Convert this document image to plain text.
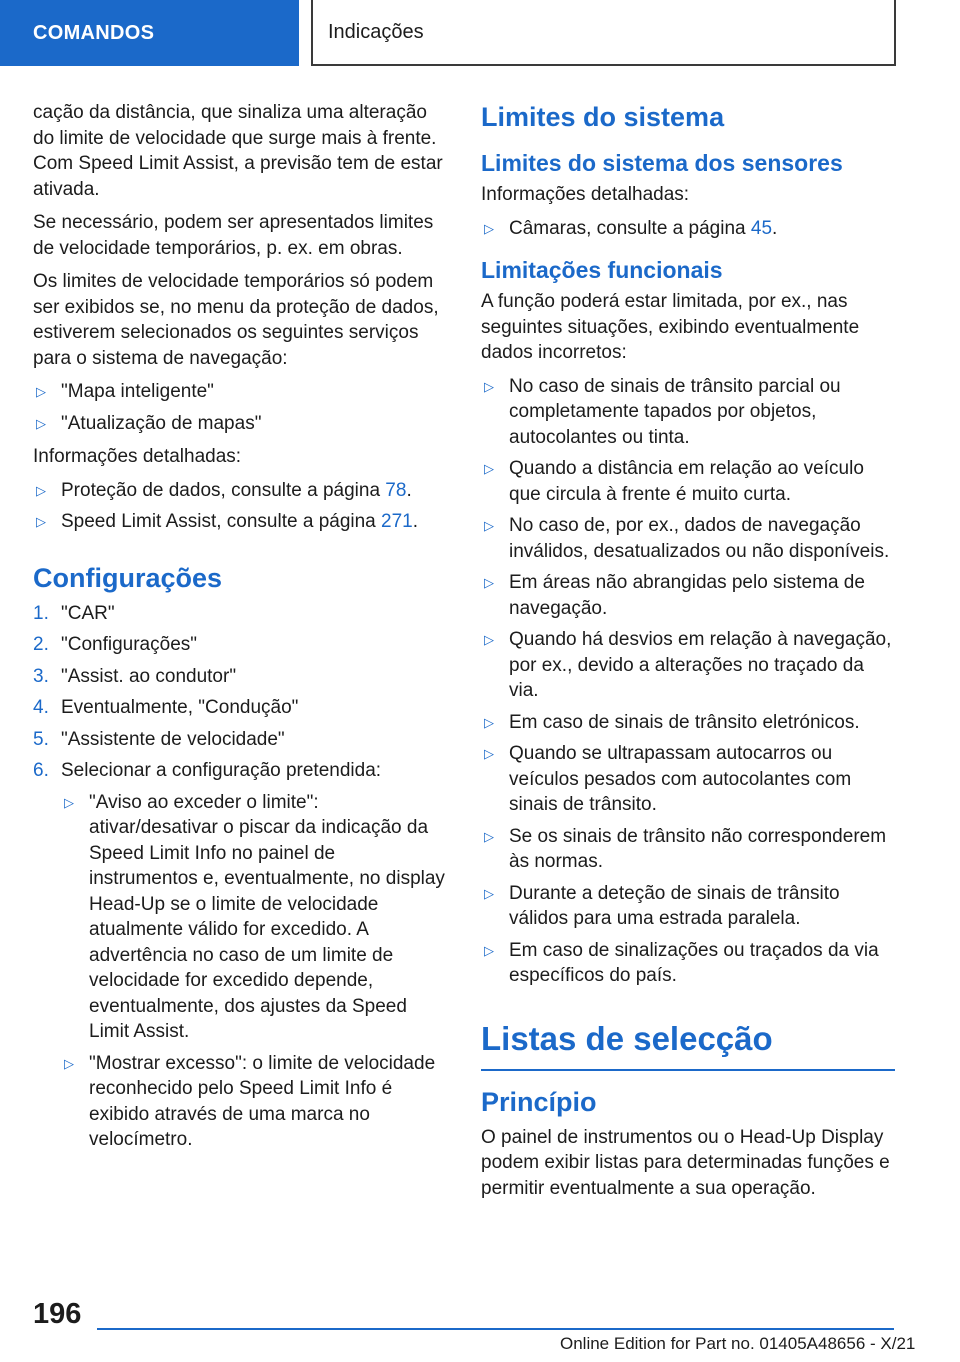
COMANDOS	Indicações

cação da distância, que sinaliza uma alteração do limite de velocidade que surge mais à frente. Com Speed Limit Assist, a previsão tem de estar ativada.

Se necessário, podem ser apresentados limites de velocidade temporários, p. ex. em obras.

Os limites de velocidade temporários só podem ser exibidos se, no menu da proteção de dados, estiverem selecionados os seguintes serviços para o sistema de navegação:

▷ "Mapa inteligente"
▷ "Atualização de mapas"

Informações detalhadas:

▷ Proteção de dados, consulte a página 78.
▷ Speed Limit Assist, consulte a página 271.
Configurações
1. "CAR"
2. "Configurações"
3. "Assist. ao condutor"
4. Eventualmente, "Condução"
5. "Assistente de velocidade"
6. Selecionar a configuração pretendida:
▷ "Aviso ao exceder o limite": ativar/desativar o piscar da indicação da Speed Limit Info no painel de instrumentos e, eventualmente, no display Head-Up se o limite de velocidade atualmente válido for excedido. A advertência no caso de um limite de velocidade for excedido depende, eventualmente, dos ajustes da Speed Limit Assist.
▷ "Mostrar excesso": o limite de velocidade reconhecido pelo Speed Limit Info é exibido através de uma marca no velocímetro.
Limites do sistema
Limites do sistema dos sensores

Informações detalhadas:

▷ Câmaras, consulte a página 45.
Limitações funcionais

A função poderá estar limitada, por ex., nas seguintes situações, exibindo eventualmente dados incorretos:

▷ No caso de sinais de trânsito parcial ou completamente tapados por objetos, autocolantes ou tinta.
▷ Quando a distância em relação ao veículo que circula à frente é muito curta.
▷ No caso de, por ex., dados de navegação inválidos, desatualizados ou não disponíveis.
▷ Em áreas não abrangidas pelo sistema de navegação.
▷ Quando há desvios em relação à navegação, por ex., devido a alterações no traçado da via.
▷ Em caso de sinais de trânsito eletrónicos.
▷ Quando se ultrapassam autocarros ou veículos pesados com autocolantes com sinais de trânsito.
▷ Se os sinais de trânsito não corresponderem às normas.
▷ Durante a deteção de sinais de trânsito válidos para uma estrada paralela.
▷ Em caso de sinalizações ou traçados da via específicos do país.
Listas de selecção
Princípio

O painel de instrumentos ou o Head-Up Display podem exibir listas para determinadas funções e permitir eventualmente a sua operação.

196
Online Edition for Part no. 01405A48656 - X/21
